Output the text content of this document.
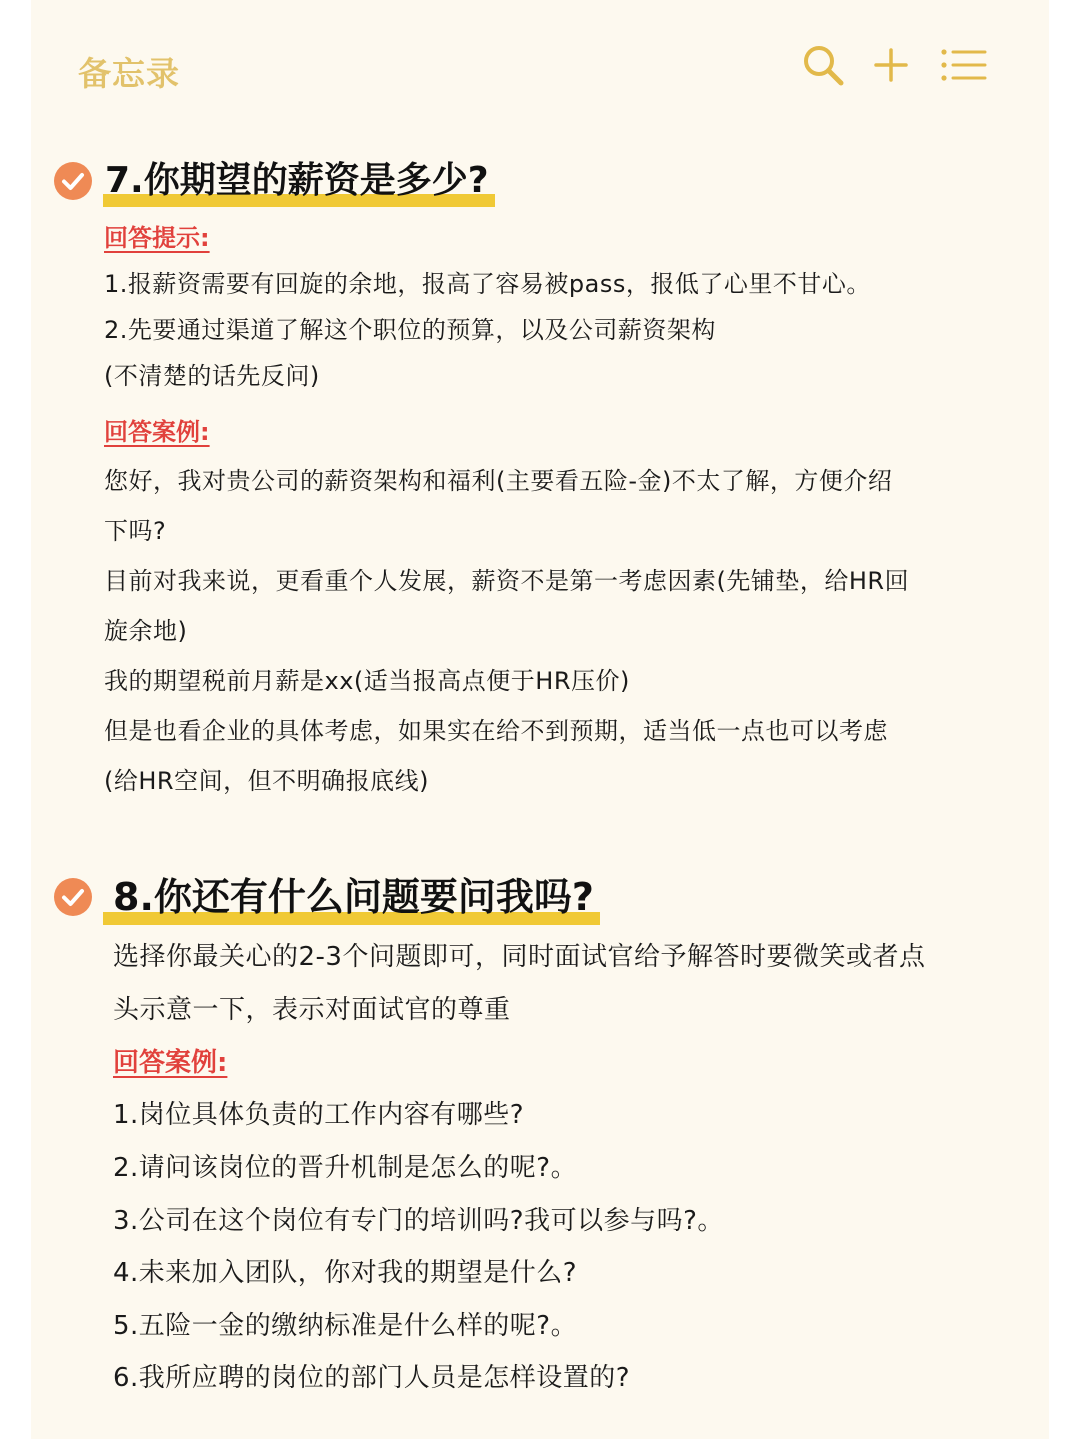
备忘录
7.你期望的薪资是多少?
回答提示:
1.报薪资需要有回旋的余地，报高了容易被pass，报低了心里不甘心。
2.先要通过渠道了解这个职位的预算，以及公司薪资架构
(不清楚的话先反问)
回答案例:
您好，我对贵公司的薪资架构和福利(主要看五险-金)不太了解，方便介绍
下吗?
目前对我来说，更看重个人发展，薪资不是第一考虑因素(先铺垫，给HR回
旋余地)
我的期望税前月薪是xx(适当报高点便于HR压价)
但是也看企业的具体考虑，如果实在给不到预期，适当低一点也可以考虑
(给HR空间，但不明确报底线)
8.你还有什么问题要问我吗?
选择你最关心的2-3个问题即可，同时面试官给予解答时要微笑或者点
头示意一下，表示对面试官的尊重
回答案例:
1.岗位具体负责的工作内容有哪些?
2.请问该岗位的晋升机制是怎么的呢?。
3.公司在这个岗位有专门的培训吗?我可以参与吗?。
4.未来加入团队，你对我的期望是什么?
5.五险一金的缴纳标准是什么样的呢?。
6.我所应聘的岗位的部门人员是怎样设置的?
